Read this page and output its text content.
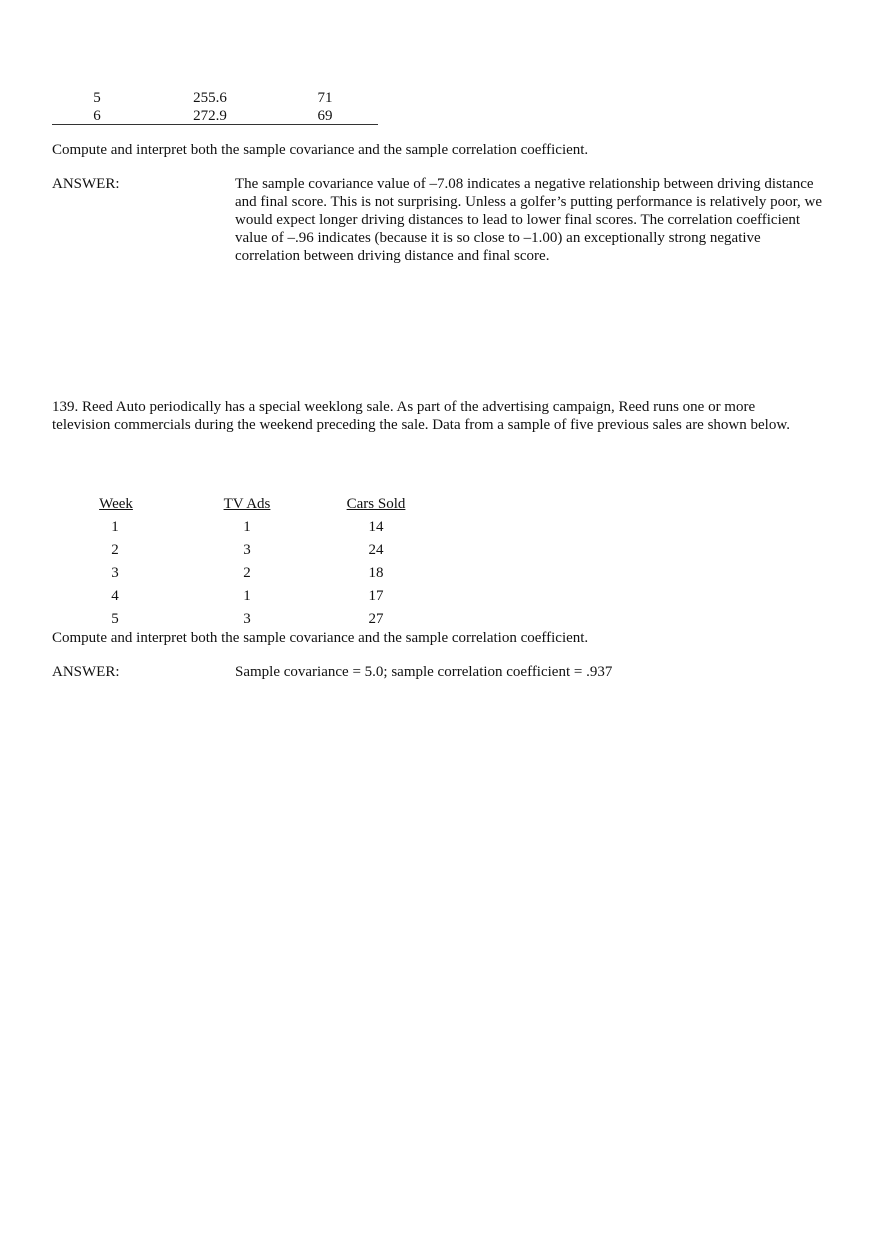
5	255.6	71
6	272.9	69
Compute and interpret both the sample covariance and the sample correlation coefficient.
ANSWER:	The sample covariance value of –7.08 indicates a negative relationship between driving distance and final score. This is not surprising. Unless a golfer’s putting performance is relatively poor, we would expect longer driving distances to lead to lower final scores. The correlation coefficient value of –.96 indicates (because it is so close to –1.00) an exceptionally strong negative correlation between driving distance and final score.
139. Reed Auto periodically has a special weeklong sale. As part of the advertising campaign, Reed runs one or more television commercials during the weekend preceding the sale. Data from a sample of five previous sales are shown below.
Week	TV Ads	Cars Sold
1	1	14
2	3	24
3	2	18
4	1	17
5	3	27
Compute and interpret both the sample covariance and the sample correlation coefficient.
ANSWER:	Sample covariance = 5.0; sample correlation coefficient = .937
